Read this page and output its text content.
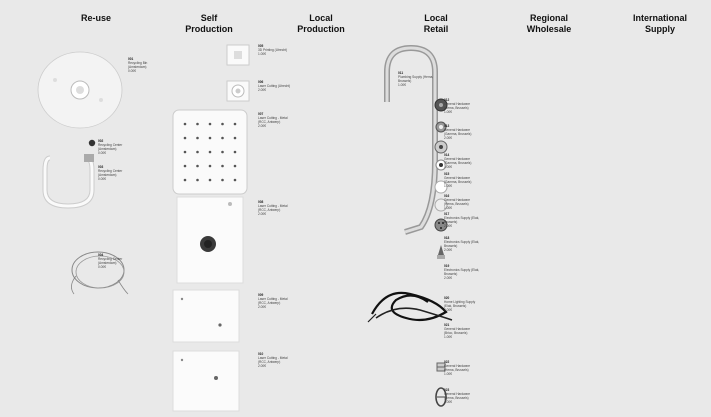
Re-use	Self
Production
Local
Production
Local
Retail
Regional
Wholesale
International
Supply
001
Recycling Bin (Amsterdam)
0.00€
002
Recycling Center (Amsterdam)
0.00€
003
Recycling Center (Amsterdam)
0.00€
004
Recycling Center (Amsterdam)
0.00€
005
3D Printing (Utrecht)
1.00€
006
Laser Cutting (Utrecht)
2.00€
007
Laser Cutting - Metal (RCC, Antwerp)
2.00€
008
Laser Cutting - Metal (RCC, Antwerp)
2.00€
009
Laser Cutting - Metal (RCC, Antwerp)
2.00€
010
Laser Cutting - Metal (RCC, Antwerp)
2.00€
011
Plumbing Supply (Hema, Brussels)
1.00€
012
General Hardware (Hema, Brussels)
1.00€
013
General Hardware (Gamma, Brussels)
2.00€
014
General Hardware (Gamma, Brussels)
1.00€
015
General Hardware (Gamma, Brussels)
1.00€
016
General Hardware (Hema, Brussels)
1.00€
017
Electronics Supply (Elak, Brussels)
2.00€
018
Electronics Supply (Elak, Brussels)
2.00€
019
Electronics Supply (Elak, Brussels)
2.00€
020
Home Lighting Supply (Elak, Brussels)
4.00€
021
General Hardware (Brico, Brussels)
1.00€
022
General Hardware (Hema, Brussels)
1.00€
023
General Hardware (Hema, Brussels)
1.00€
